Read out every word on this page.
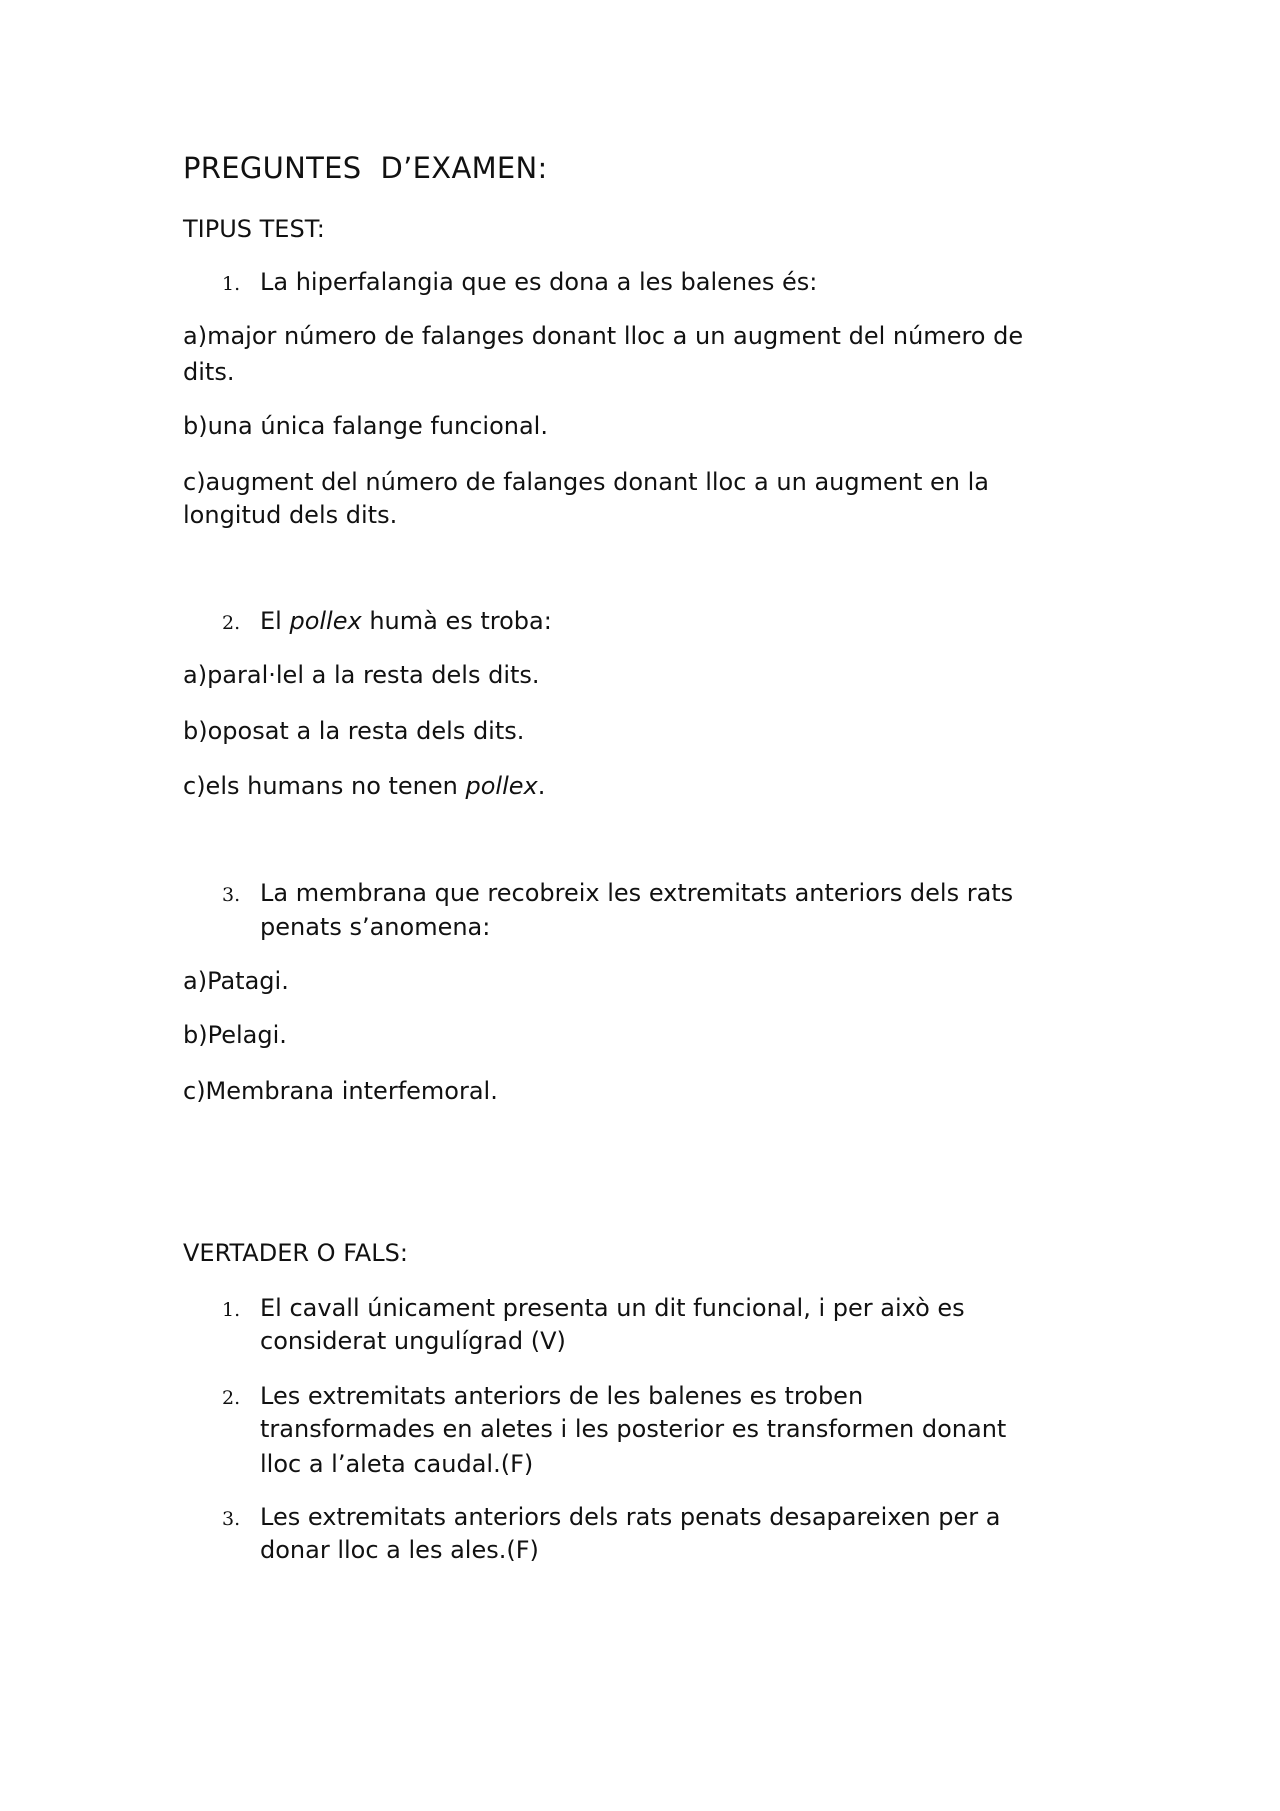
PREGUNTES  D’EXAMEN:
TIPUS TEST:
1. La hiperfalangia que es dona a les balenes és:
a)major número de falanges donant lloc a un augment del número de
dits.
b)una única falange funcional.
c)augment del número de falanges donant lloc a un augment en la
longitud dels dits.
2. El pollex humà es troba:
a)paral·lel a la resta dels dits.
b)oposat a la resta dels dits.
c)els humans no tenen pollex.
3. La membrana que recobreix les extremitats anteriors dels rats
penats s’anomena:
a)Patagi.
b)Pelagi.
c)Membrana interfemoral.
VERTADER O FALS:
1. El cavall únicament presenta un dit funcional, i per això es
considerat ungulígrad (V)
2. Les extremitats anteriors de les balenes es troben
transformades en aletes i les posterior es transformen donant
lloc a l’aleta caudal.(F)
3. Les extremitats anteriors dels rats penats desapareixen per a
donar lloc a les ales.(F)
